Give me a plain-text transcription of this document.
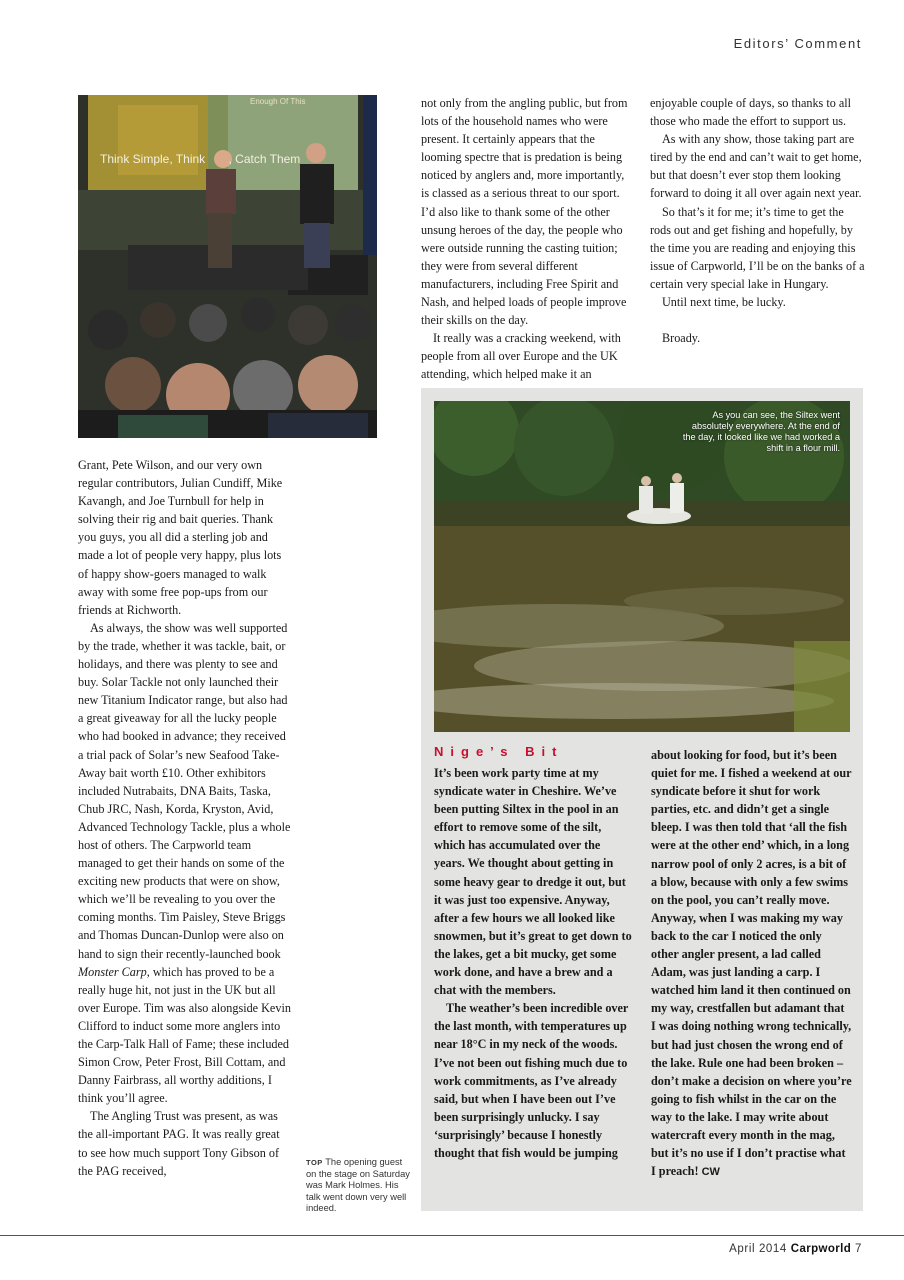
Editors’ Comment
Enough Of This
Think Simple, Think       , Catch Them

Grant, Pete Wilson, and our very own regular contributors, Julian Cundiff, Mike Kavangh, and Joe Turnbull for help in solving their rig and bait queries. Thank you guys, you all did a sterling job and made a lot of people very happy, plus lots of happy show-goers managed to walk away with some free pop-ups from our friends at Richworth.

As always, the show was well supported by the trade, whether it was tackle, bait, or holidays, and there was plenty to see and buy. Solar Tackle not only launched their new Titanium Indicator range, but also had a great giveaway for all the lucky people who had booked in advance; they received a trial pack of Solar’s new Seafood Take-Away bait worth £10. Other exhibitors included Nutrabaits, DNA Baits, Taska, Chub JRC, Nash, Korda, Kryston, Avid, Advanced Technology Tackle, plus a whole host of others. The Carpworld team managed to get their hands on some of the exciting new products that were on show, which we’ll be revealing to you over the coming months. Tim Paisley, Steve Briggs and Thomas Duncan-Dunlop were also on hand to sign their recently-launched book Monster Carp, which has proved to be a really huge hit, not just in the UK but all over Europe. Tim was also alongside Kevin Clifford to induct some more anglers into the Carp-Talk Hall of Fame; these included Simon Crow, Peter Frost, Bill Cottam, and Danny Fairbrass, all worthy additions, I think you’ll agree.

The Angling Trust was present, as was the all-important PAG. It was really great to see how much support Tony Gibson of the PAG received,

not only from the angling public, but from lots of the household names who were present. It certainly appears that the looming spectre that is predation is being noticed by anglers and, more importantly, is classed as a serious threat to our sport. I’d also like to thank some of the other unsung heroes of the day, the people who were outside running the casting tuition; they were from several different manufacturers, including Free Spirit and Nash, and helped loads of people improve their skills on the day.

It really was a cracking weekend, with people from all over Europe and the UK attending, which helped make it an

enjoyable couple of days, so thanks to all those who made the effort to support us.

As with any show, those taking part are tired by the end and can’t wait to get home, but that doesn’t ever stop them looking forward to doing it all over again next year.

So that’s it for me; it’s time to get the rods out and get fishing and hopefully, by the time you are reading and enjoying this issue of Carpworld, I’ll be on the banks of a certain very special lake in Hungary.

Until next time, be lucky.

Broady.

TOP The opening guest on the stage on Saturday was Mark Holmes. His talk went down very well indeed.
As you can see, the Siltex went absolutely everywhere. At the end of the day, it looked like we had worked a shift in a flour mill.
Nige’s Bit

It’s been work party time at my syndicate water in Cheshire. We’ve been putting Siltex in the pool in an effort to remove some of the silt, which has accumulated over the years. We thought about getting in some heavy gear to dredge it out, but it was just too expensive. Anyway, after a few hours we all looked like snowmen, but it’s great to get down to the lakes, get a bit mucky, get some work done, and have a brew and a chat with the members.

The weather’s been incredible over the last month, with temperatures up near 18°C in my neck of the woods. I’ve not been out fishing much due to work commitments, as I’ve already said, but when I have been out I’ve been surprisingly unlucky. I say ‘surprisingly’ because I honestly thought that fish would be jumping

about looking for food, but it’s been quiet for me. I fished a weekend at our syndicate before it shut for work parties, etc. and didn’t get a single bleep. I was then told that ‘all the fish were at the other end’ which, in a long narrow pool of only 2 acres, is a bit of a blow, because with only a few swims on the pool, you can’t really move. Anyway, when I was making my way back to the car I noticed the only other angler present, a lad called Adam, was just landing a carp. I watched him land it then continued on my way, crestfallen but adamant that I was doing nothing wrong technically, but had just chosen the wrong end of the lake. Rule one had been broken – don’t make a decision on where you’re going to fish whilst in the car on the way to the lake. I may write about watercraft every month in the mag, but it’s no use if I don’t practise what I preach! CW

April 2014 Carpworld 7
